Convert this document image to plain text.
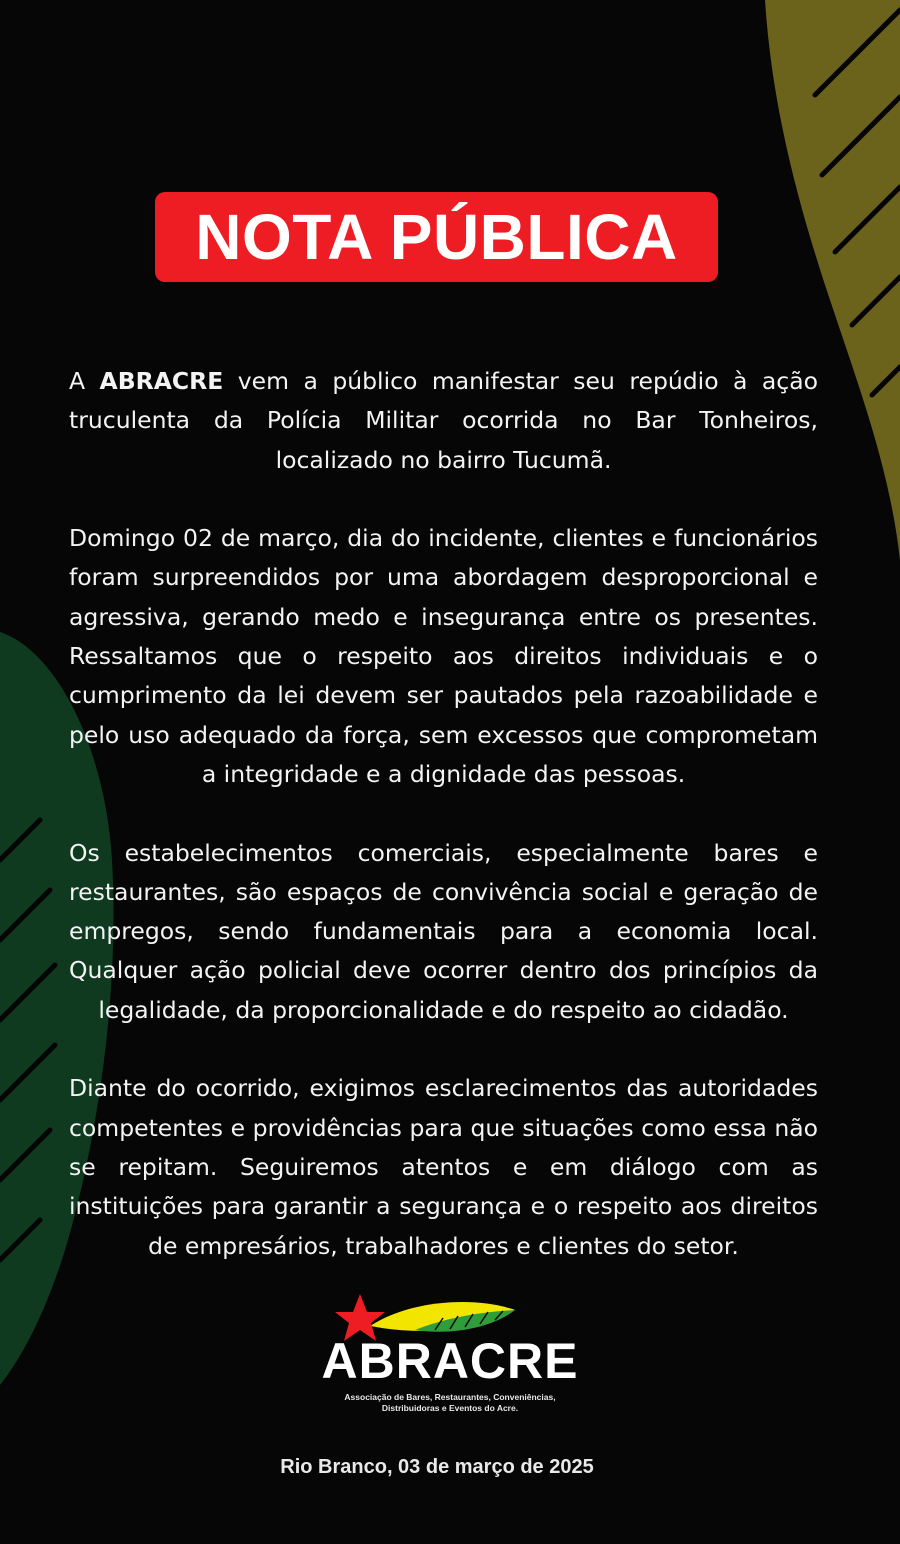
NOTA PÚBLICA

A ABRACRE vem a público manifestar seu repúdio à ação truculenta da Polícia Militar ocorrida no Bar Tonheiros, localizado no bairro Tucumã.

Domingo 02 de março, dia do incidente, clientes e funcionários foram surpreendidos por uma abordagem desproporcional e agressiva, gerando medo e insegurança entre os presentes. Ressaltamos que o respeito aos direitos individuais e o cumprimento da lei devem ser pautados pela razoabilidade e pelo uso adequado da força, sem excessos que comprometam a integridade e a dignidade das pessoas.

Os estabelecimentos comerciais, especialmente bares e restaurantes, são espaços de convivência social e geração de empregos, sendo fundamentais para a economia local. Qualquer ação policial deve ocorrer dentro dos princípios da legalidade, da proporcionalidade e do respeito ao cidadão.

Diante do ocorrido, exigimos esclarecimentos das autoridades competentes e providências para que situações como essa não se repitam. Seguiremos atentos e em diálogo com as instituições para garantir a segurança e o respeito aos direitos de empresários, trabalhadores e clientes do setor.

ABRACRE
Associação de Bares, Restaurantes, Conveniências,
Distribuidoras e Eventos do Acre.
Rio Branco, 03 de março de 2025
